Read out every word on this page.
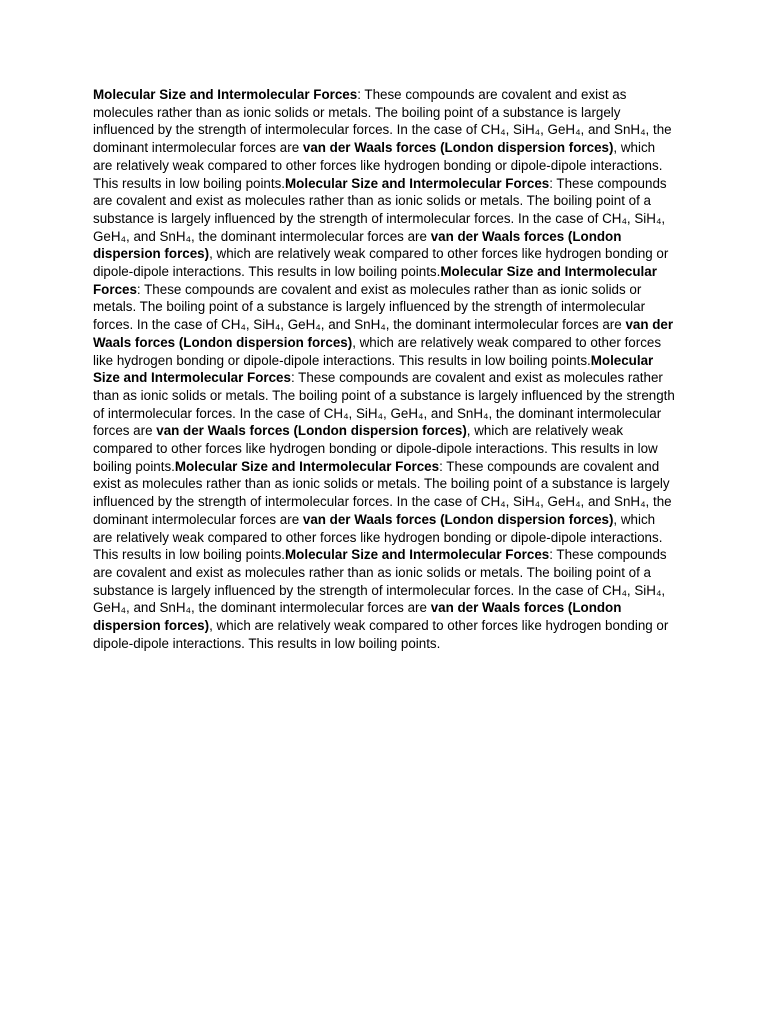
Molecular Size and Intermolecular Forces: These compounds are covalent and exist as molecules rather than as ionic solids or metals. The boiling point of a substance is largely influenced by the strength of intermolecular forces. In the case of CH₄, SiH₄, GeH₄, and SnH₄, the dominant intermolecular forces are van der Waals forces (London dispersion forces), which are relatively weak compared to other forces like hydrogen bonding or dipole-dipole interactions. This results in low boiling points.Molecular Size and Intermolecular Forces: These compounds are covalent and exist as molecules rather than as ionic solids or metals. The boiling point of a substance is largely influenced by the strength of intermolecular forces. In the case of CH₄, SiH₄, GeH₄, and SnH₄, the dominant intermolecular forces are van der Waals forces (London dispersion forces), which are relatively weak compared to other forces like hydrogen bonding or dipole-dipole interactions. This results in low boiling points.Molecular Size and Intermolecular Forces: These compounds are covalent and exist as molecules rather than as ionic solids or metals. The boiling point of a substance is largely influenced by the strength of intermolecular forces. In the case of CH₄, SiH₄, GeH₄, and SnH₄, the dominant intermolecular forces are van der Waals forces (London dispersion forces), which are relatively weak compared to other forces like hydrogen bonding or dipole-dipole interactions. This results in low boiling points.Molecular Size and Intermolecular Forces: These compounds are covalent and exist as molecules rather than as ionic solids or metals. The boiling point of a substance is largely influenced by the strength of intermolecular forces. In the case of CH₄, SiH₄, GeH₄, and SnH₄, the dominant intermolecular forces are van der Waals forces (London dispersion forces), which are relatively weak compared to other forces like hydrogen bonding or dipole-dipole interactions. This results in low boiling points.Molecular Size and Intermolecular Forces: These compounds are covalent and exist as molecules rather than as ionic solids or metals. The boiling point of a substance is largely influenced by the strength of intermolecular forces. In the case of CH₄, SiH₄, GeH₄, and SnH₄, the dominant intermolecular forces are van der Waals forces (London dispersion forces), which are relatively weak compared to other forces like hydrogen bonding or dipole-dipole interactions. This results in low boiling points.Molecular Size and Intermolecular Forces: These compounds are covalent and exist as molecules rather than as ionic solids or metals. The boiling point of a substance is largely influenced by the strength of intermolecular forces. In the case of CH₄, SiH₄, GeH₄, and SnH₄, the dominant intermolecular forces are van der Waals forces (London dispersion forces), which are relatively weak compared to other forces like hydrogen bonding or dipole-dipole interactions. This results in low boiling points.
